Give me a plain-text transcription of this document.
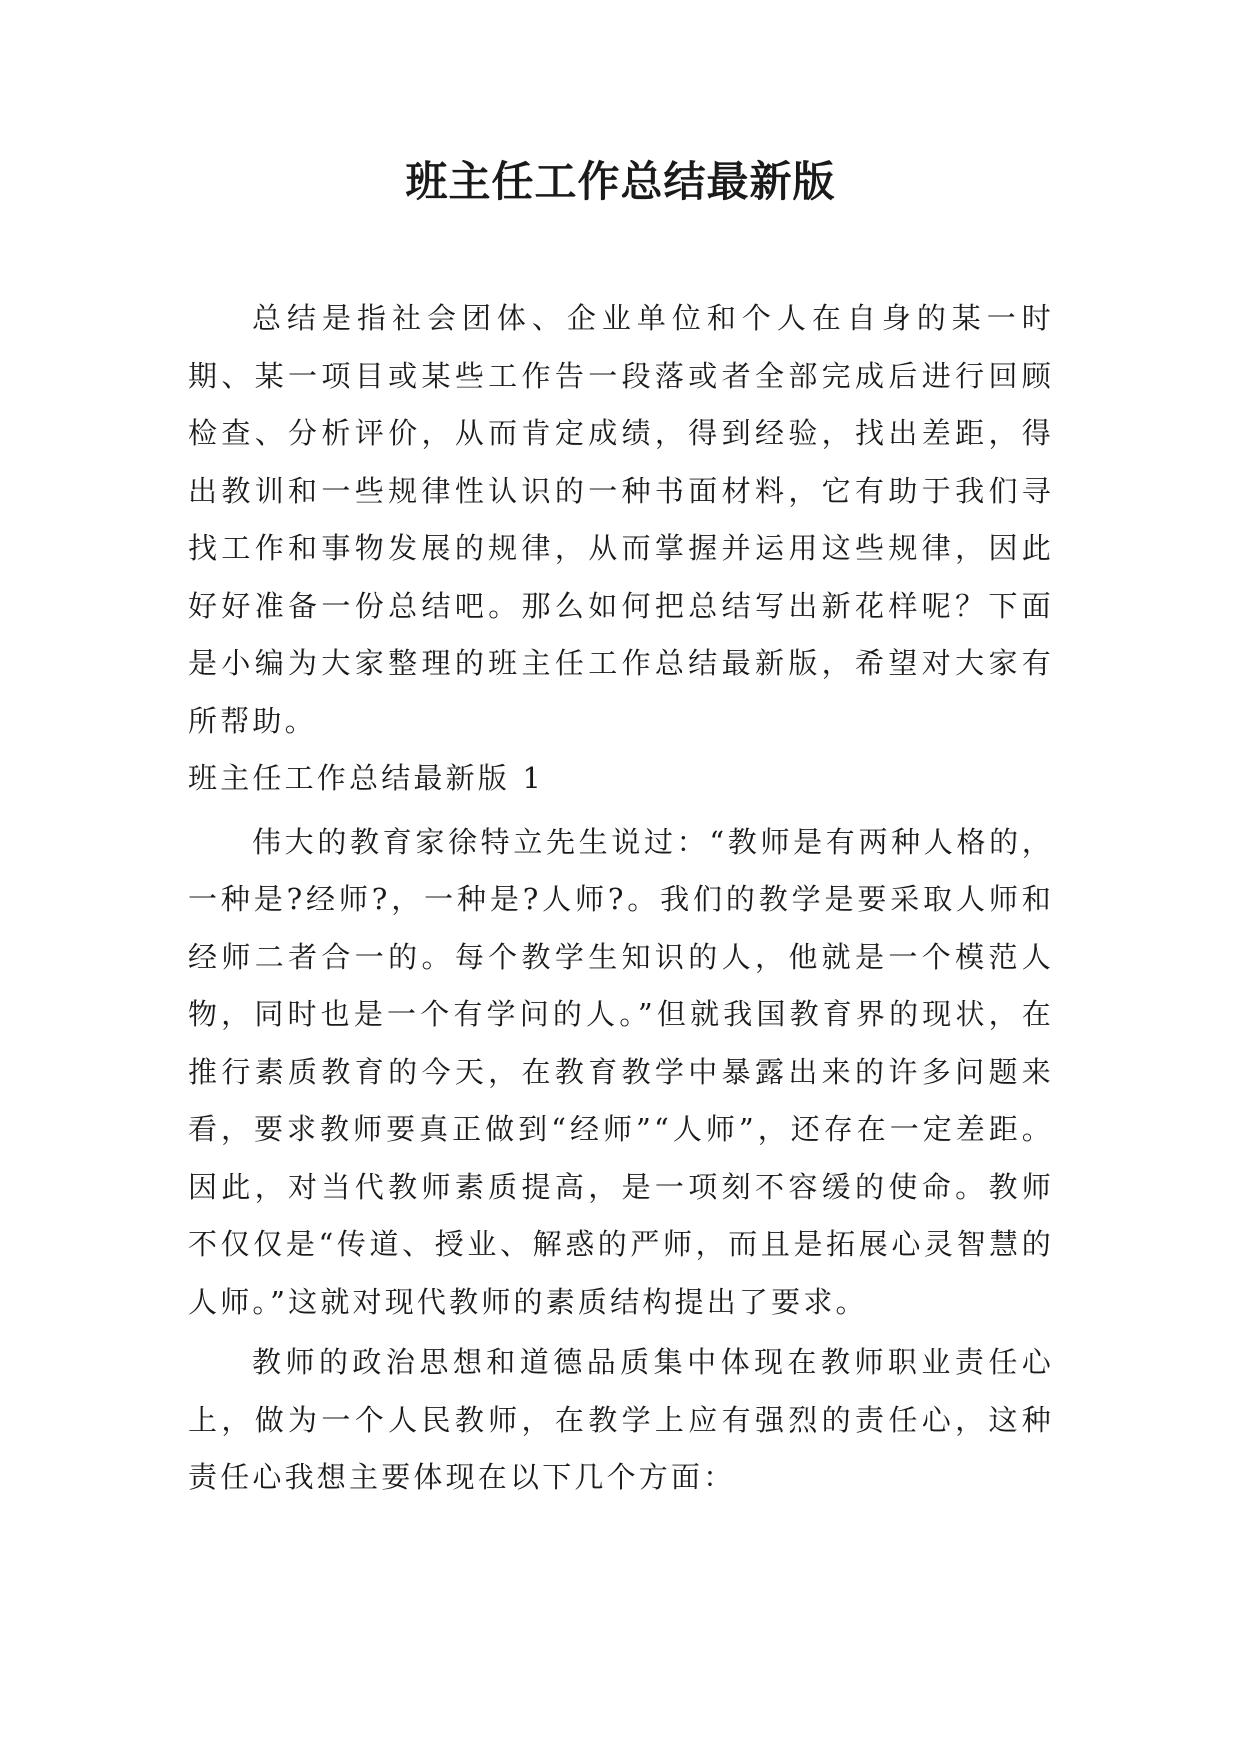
班主任工作总结最新版

总结是指社会团体、企业单位和个人在自身的某一时期、某一项目或某些工作告一段落或者全部完成后进行回顾检查、分析评价，从而肯定成绩，得到经验，找出差距，得出教训和一些规律性认识的一种书面材料，它有助于我们寻找工作和事物发展的规律，从而掌握并运用这些规律，因此好好准备一份总结吧。那么如何把总结写出新花样呢？下面是小编为大家整理的班主任工作总结最新版，希望对大家有所帮助。

班主任工作总结最新版 1

伟大的教育家徐特立先生说过：“教师是有两种人格的，一种是?经师?，一种是?人师?。我们的教学是要采取人师和经师二者合一的。每个教学生知识的人，他就是一个模范人物，同时也是一个有学问的人。”但就我国教育界的现状，在推行素质教育的今天，在教育教学中暴露出来的许多问题来看，要求教师要真正做到“经师”“人师”，还存在一定差距。因此，对当代教师素质提高，是一项刻不容缓的使命。教师不仅仅是“传道、授业、解惑的严师，而且是拓展心灵智慧的人师。”这就对现代教师的素质结构提出了要求。

教师的政治思想和道德品质集中体现在教师职业责任心上，做为一个人民教师，在教学上应有强烈的责任心，这种责任心我想主要体现在以下几个方面：
